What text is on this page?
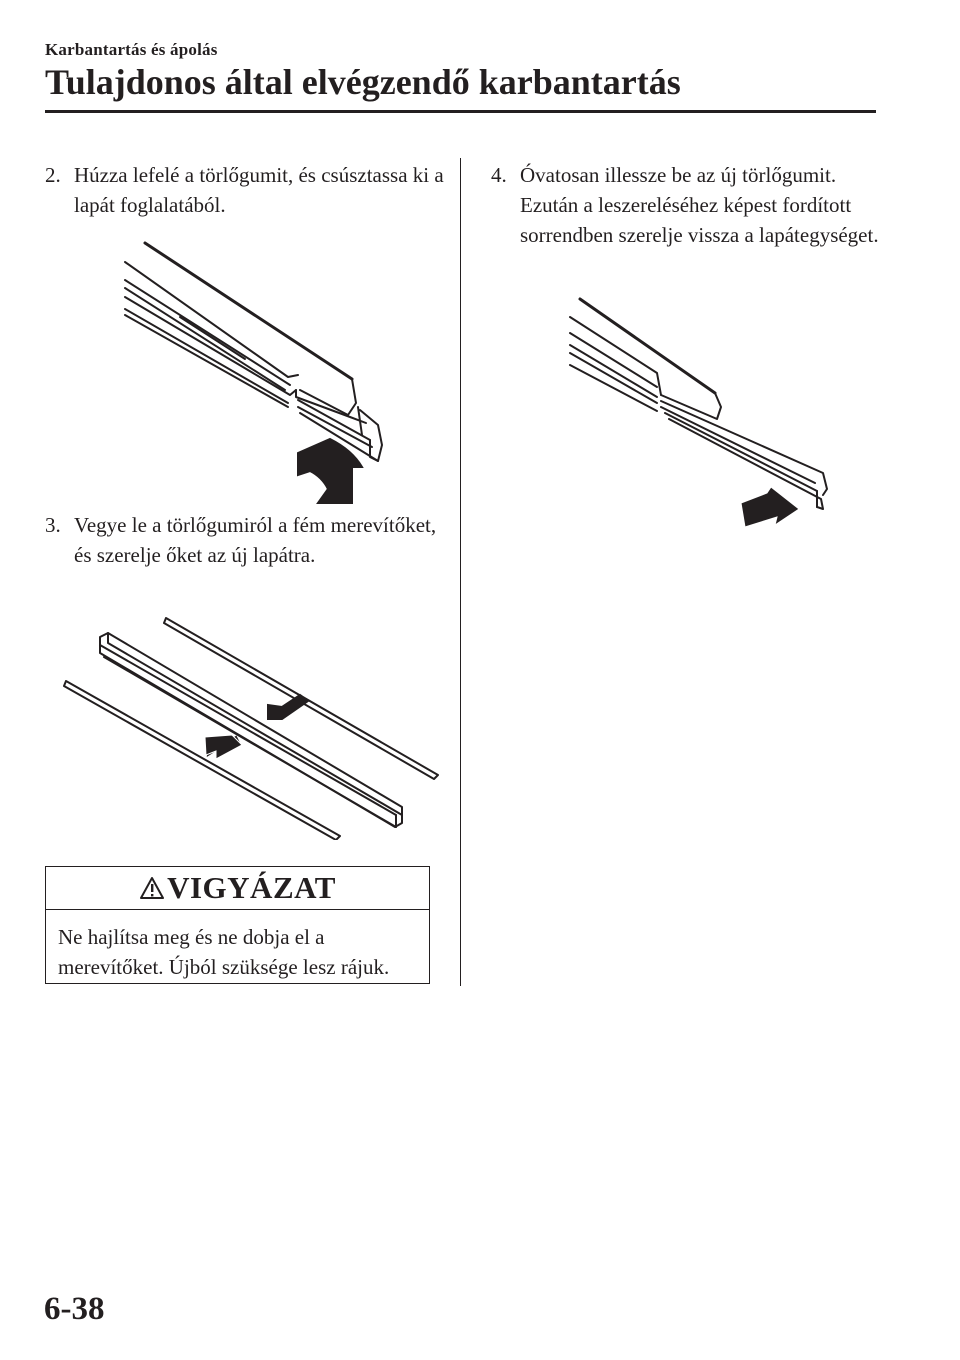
Karbantartás és ápolás
Tulajdonos által elvégzendő karbantartás
2. Húzza lefelé a törlőgumit, és csúsztassa ki a lapát foglalatából.
3. Vegye le a törlőgumiról a fém merevítőket, és szerelje őket az új lapátra.
VIGYÁZAT
Ne hajlítsa meg és ne dobja el a merevítőket. Újból szüksége lesz rájuk.
4. Óvatosan illessze be az új törlőgumit. Ezután a leszereléséhez képest fordított sorrendben szerelje vissza a lapátegységet.
6-38
